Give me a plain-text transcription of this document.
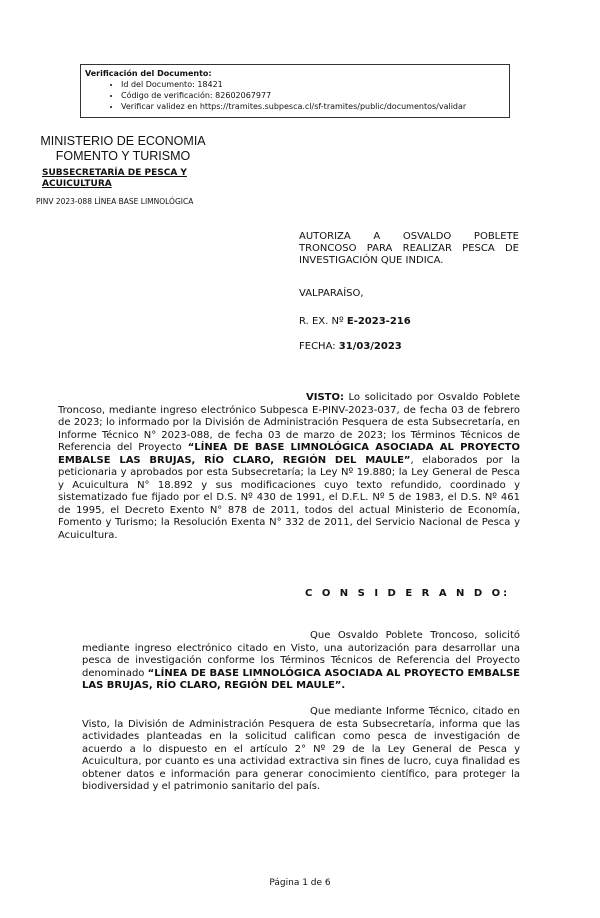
Verificación del Documento:
• Id del Documento: 18421
• Código de verificación: 82602067977
• Verificar validez en https://tramites.subpesca.cl/sf-tramites/public/documentos/validar
MINISTERIO DE ECONOMIA
FOMENTO Y TURISMO
SUBSECRETARÍA DE PESCA Y ACUICULTURA
PINV 2023-088 LÍNEA BASE LIMNOLÓGICA
AUTORIZA A OSVALDO POBLETE TRONCOSO PARA REALIZAR PESCA DE INVESTIGACIÓN QUE INDICA.
VALPARAÍSO,
R. EX. Nº E-2023-216
FECHA: 31/03/2023
VISTO: Lo solicitado por Osvaldo Poblete Troncoso, mediante ingreso electrónico Subpesca E-PINV-2023-037, de fecha 03 de febrero de 2023; lo informado por la División de Administración Pesquera de esta Subsecretaría, en Informe Técnico N° 2023-088, de fecha 03 de marzo de 2023; los Términos Técnicos de Referencia del Proyecto “LÍNEA DE BASE LIMNOLÓGICA ASOCIADA AL PROYECTO EMBALSE LAS BRUJAS, RÍO CLARO, REGIÓN DEL MAULE”, elaborados por la peticionaria y aprobados por esta Subsecretaría; la Ley Nº 19.880; la Ley General de Pesca y Acuicultura N° 18.892 y sus modificaciones cuyo texto refundido, coordinado y sistematizado fue fijado por el D.S. Nº 430 de 1991, el D.F.L. Nº 5 de 1983, el D.S. Nº 461 de 1995, el Decreto Exento N° 878 de 2011, todos del actual Ministerio de Economía, Fomento y Turismo; la Resolución Exenta N° 332 de 2011, del Servicio Nacional de Pesca y Acuicultura.
C O N S I D E R A N D O:
Que Osvaldo Poblete Troncoso, solicitó mediante ingreso electrónico citado en Visto, una autorización para desarrollar una pesca de investigación conforme los Términos Técnicos de Referencia del Proyecto denominado “LÍNEA DE BASE LIMNOLÓGICA ASOCIADA AL PROYECTO EMBALSE LAS BRUJAS, RÍO CLARO, REGIÓN DEL MAULE”.
Que mediante Informe Técnico, citado en Visto, la División de Administración Pesquera de esta Subsecretaría, informa que las actividades planteadas en la solicitud califican como pesca de investigación de acuerdo a lo dispuesto en el artículo 2° Nº 29 de la Ley General de Pesca y Acuicultura, por cuanto es una actividad extractiva sin fines de lucro, cuya finalidad es obtener datos e información para generar conocimiento científico, para proteger la biodiversidad y el patrimonio sanitario del país.
Página 1 de 6
